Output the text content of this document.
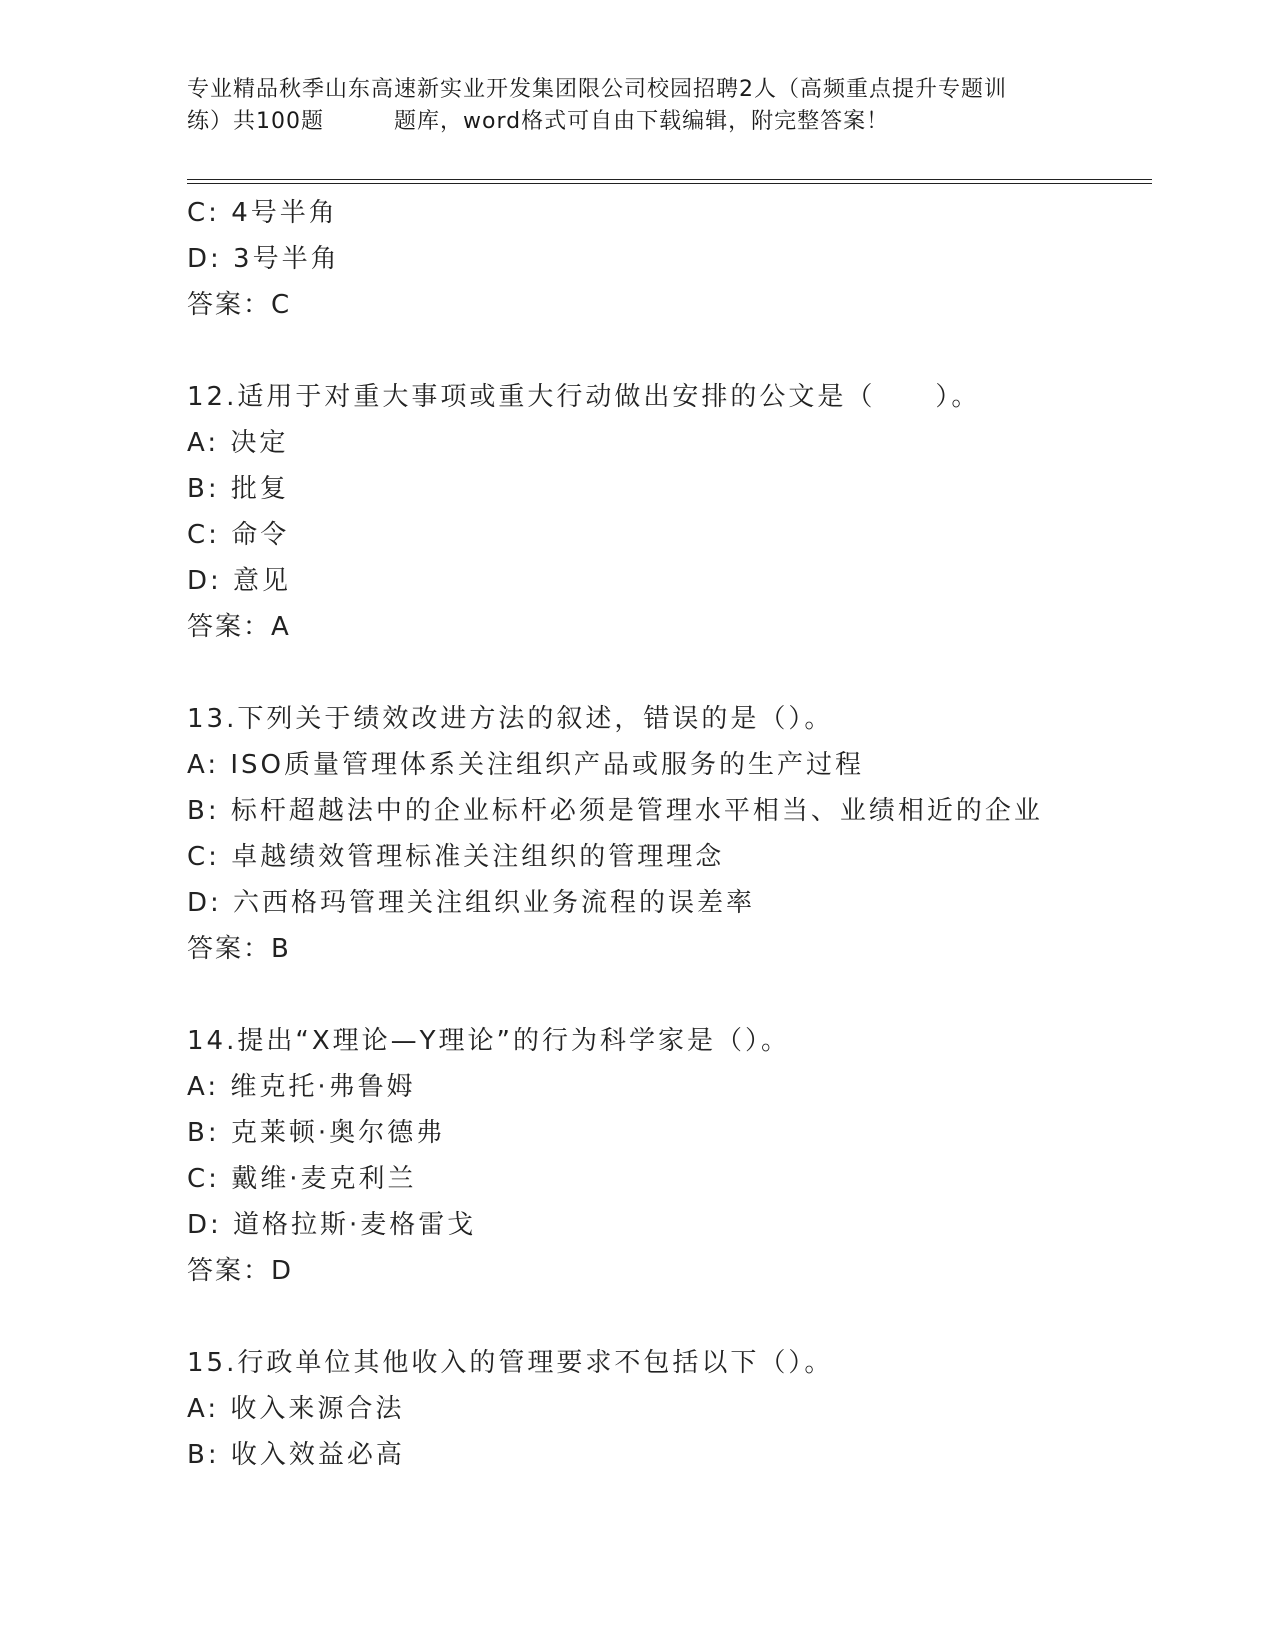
专业精品秋季山东高速新实业开发集团限公司校园招聘2人（高频重点提升专题训
练）共100题	题库，word格式可自由下载编辑，附完整答案！
C: 4号半角
D: 3号半角
答案：C
12.适用于对重大事项或重大行动做出安排的公文是（ ）。
A: 决定
B: 批复
C: 命令
D: 意见
答案：A
13.下列关于绩效改进方法的叙述，错误的是（）。
A: ISO质量管理体系关注组织产品或服务的生产过程
B: 标杆超越法中的企业标杆必须是管理水平相当、业绩相近的企业
C: 卓越绩效管理标准关注组织的管理理念
D: 六西格玛管理关注组织业务流程的误差率
答案：B
14.提出“X理论—Y理论”的行为科学家是（）。
A: 维克托·弗鲁姆
B: 克莱顿·奥尔德弗
C: 戴维·麦克利兰
D: 道格拉斯·麦格雷戈
答案：D
15.行政单位其他收入的管理要求不包括以下（）。
A: 收入来源合法
B: 收入效益必高
